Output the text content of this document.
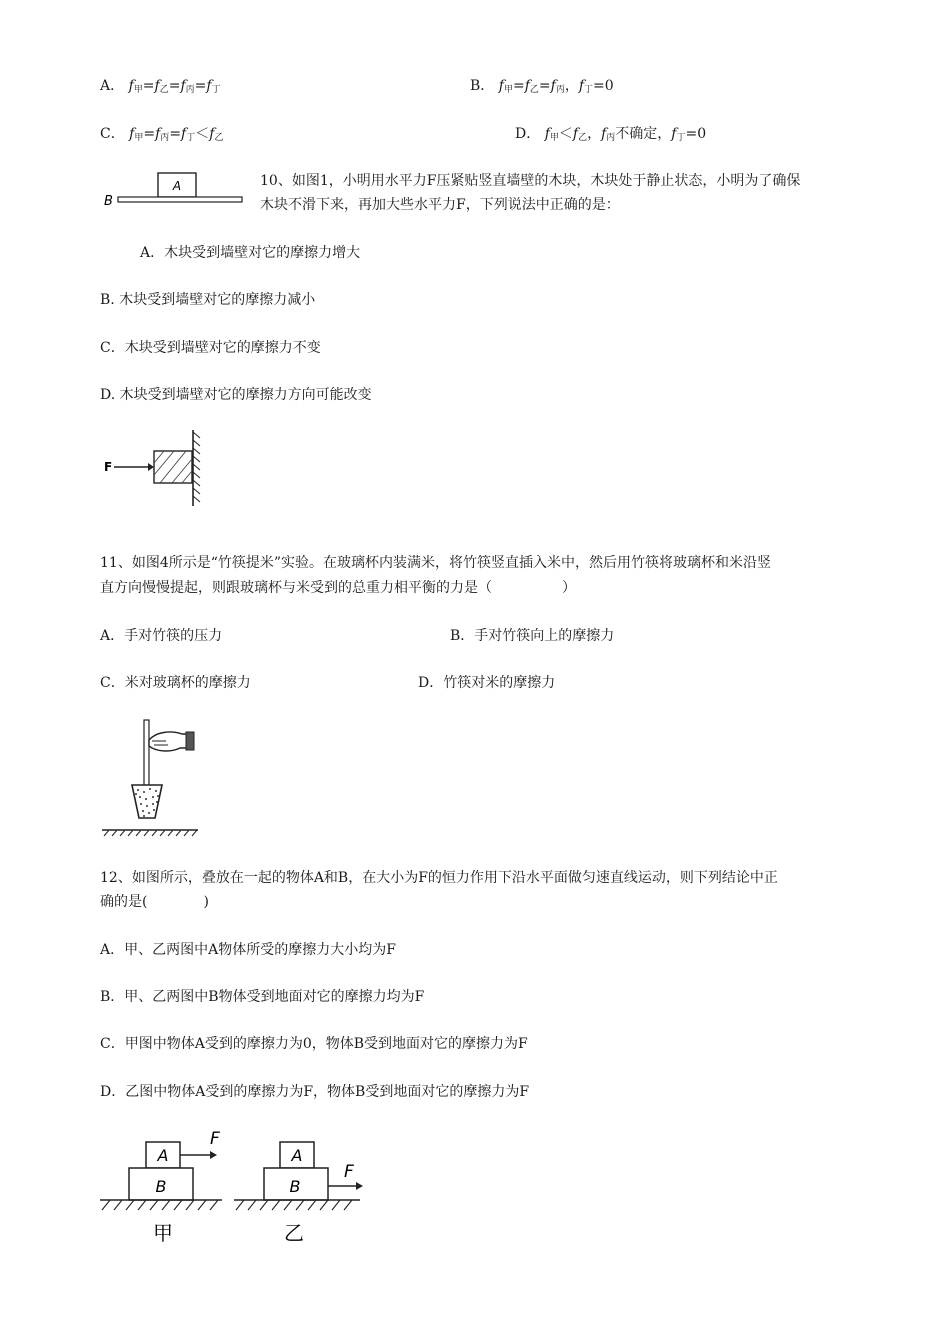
A． $f_甲=f_乙=f_丙=f_丁$	B． $f_甲=f_乙=f_丙$，$f_丁=0$
C． $f_甲=f_丙=f_丁<f_乙$	D． $f_甲<f_乙$，$f_丙$不确定，$f_丁=0$
A
B
10、如图1，小明用水平力F压紧贴竖直墙壁的木块，木块处于静止状态，小明为了确保
木块不滑下来，再加大些水平力F，下列说法中正确的是：
A．木块受到墙壁对它的摩擦力增大
B. 木块受到墙壁对它的摩擦力减小
C．木块受到墙壁对它的摩擦力不变
D. 木块受到墙壁对它的摩擦力方向可能改变
F
11、如图4所示是“竹筷提米”实验。在玻璃杯内装满米，将竹筷竖直插入米中，然后用竹筷将玻璃杯和米沿竖
直方向慢慢提起，则跟玻璃杯与米受到的总重力相平衡的力是（　　　　　）
A．手对竹筷的压力	B．手对竹筷向上的摩擦力
C．米对玻璃杯的摩擦力	D．竹筷对米的摩擦力
12、如图所示，叠放在一起的物体A和B，在大小为F的恒力作用下沿水平面做匀速直线运动，则下列结论中正
确的是(　　　　)
A．甲、乙两图中A物体所受的摩擦力大小均为F
B．甲、乙两图中B物体受到地面对它的摩擦力均为F
C．甲图中物体A受到的摩擦力为0，物体B受到地面对它的摩擦力为F
D．乙图中物体A受到的摩擦力为F，物体B受到地面对它的摩擦力为F
A
B
F
甲
A
B
F
乙
